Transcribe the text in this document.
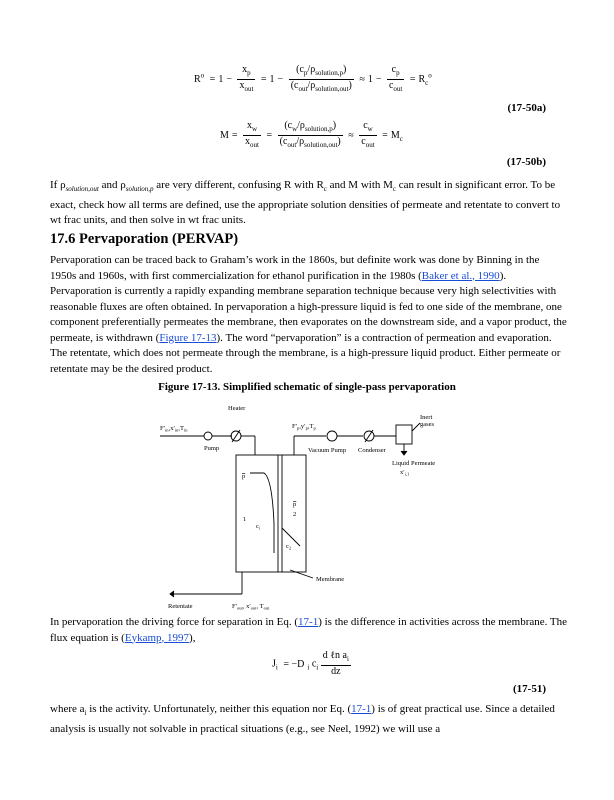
$R^o = 1$ −
$x_p$
$x_{out}$
= 1 −
$(c_p/\rho_{solution,p})$
$(c_{out}/\rho_{solution,out})$
≈ 1 −
$c_p$
$c_{out}$
= $R_c^o$
(17-50a)
M =
$x_w$
$x_{out}$
=
$(c_w/\rho_{solution,p})$
$(c_{out}/\rho_{solution,out})$
≈
$c_w$
$c_{out}$
= $M_c$
(17-50b)

If $\rho_{solution,out}$ and $\rho_{solution,p}$ are very different, confusing R with $R_c$ and M with $M_c$ can result in significant error. To be exact, check how all terms are defined, use the appropriate solution densities of permeate and retentate to convert to wt frac units, and then solve in wt frac units.

17.6 Pervaporation (PERVAP)

Pervaporation can be traced back to Graham’s work in the 1860s, but definite work was done by Binning in the 1950s and 1960s, with first commercialization for ethanol purification in the 1980s (Baker et al., 1990). Pervaporation is currently a rapidly expanding membrane separation technique because very high selectivities with reasonable fluxes are often obtained. In pervaporation a high-pressure liquid is fed to one side of the membrane, one component preferentially permeates the membrane, then evaporates on the downstream side, and a vapor product, the permeate, is withdrawn (Figure 17-13). The word “pervaporation” is a contraction of permeation and evaporation. The retentate, which does not permeate through the membrane, is a high-pressure liquid product. Either permeate or retentate may be the desired product.

Figure 17-13. Simplified schematic of single-pass pervaporation
Heater
$F'_{in},x'_{in},T_{in}$
Pump
$F'_p,y'_p,T_p$
Vacuum Pump Condenser
Inert
gases
Liquid Permeate
$x'_{i,1}$
p
1
$c_i$
p
2
$c_2$
Retentate
Membrane
$F'_{out}$, $x'_{out}$, $T_{out}$

In pervaporation the driving force for separation in Eq. (17-1) is the difference in activities across the membrane. The flux equation is (Eykamp, 1997),

$J_i = -D$ $_i$ $c_i$
d ℓn $a_i$
dz
(17-51)

where $a_i$ is the activity. Unfortunately, neither this equation nor Eq. (17-1) is of great practical use. Since a detailed analysis is usually not solvable in practical situations (e.g., see Neel, 1992) we will use a
